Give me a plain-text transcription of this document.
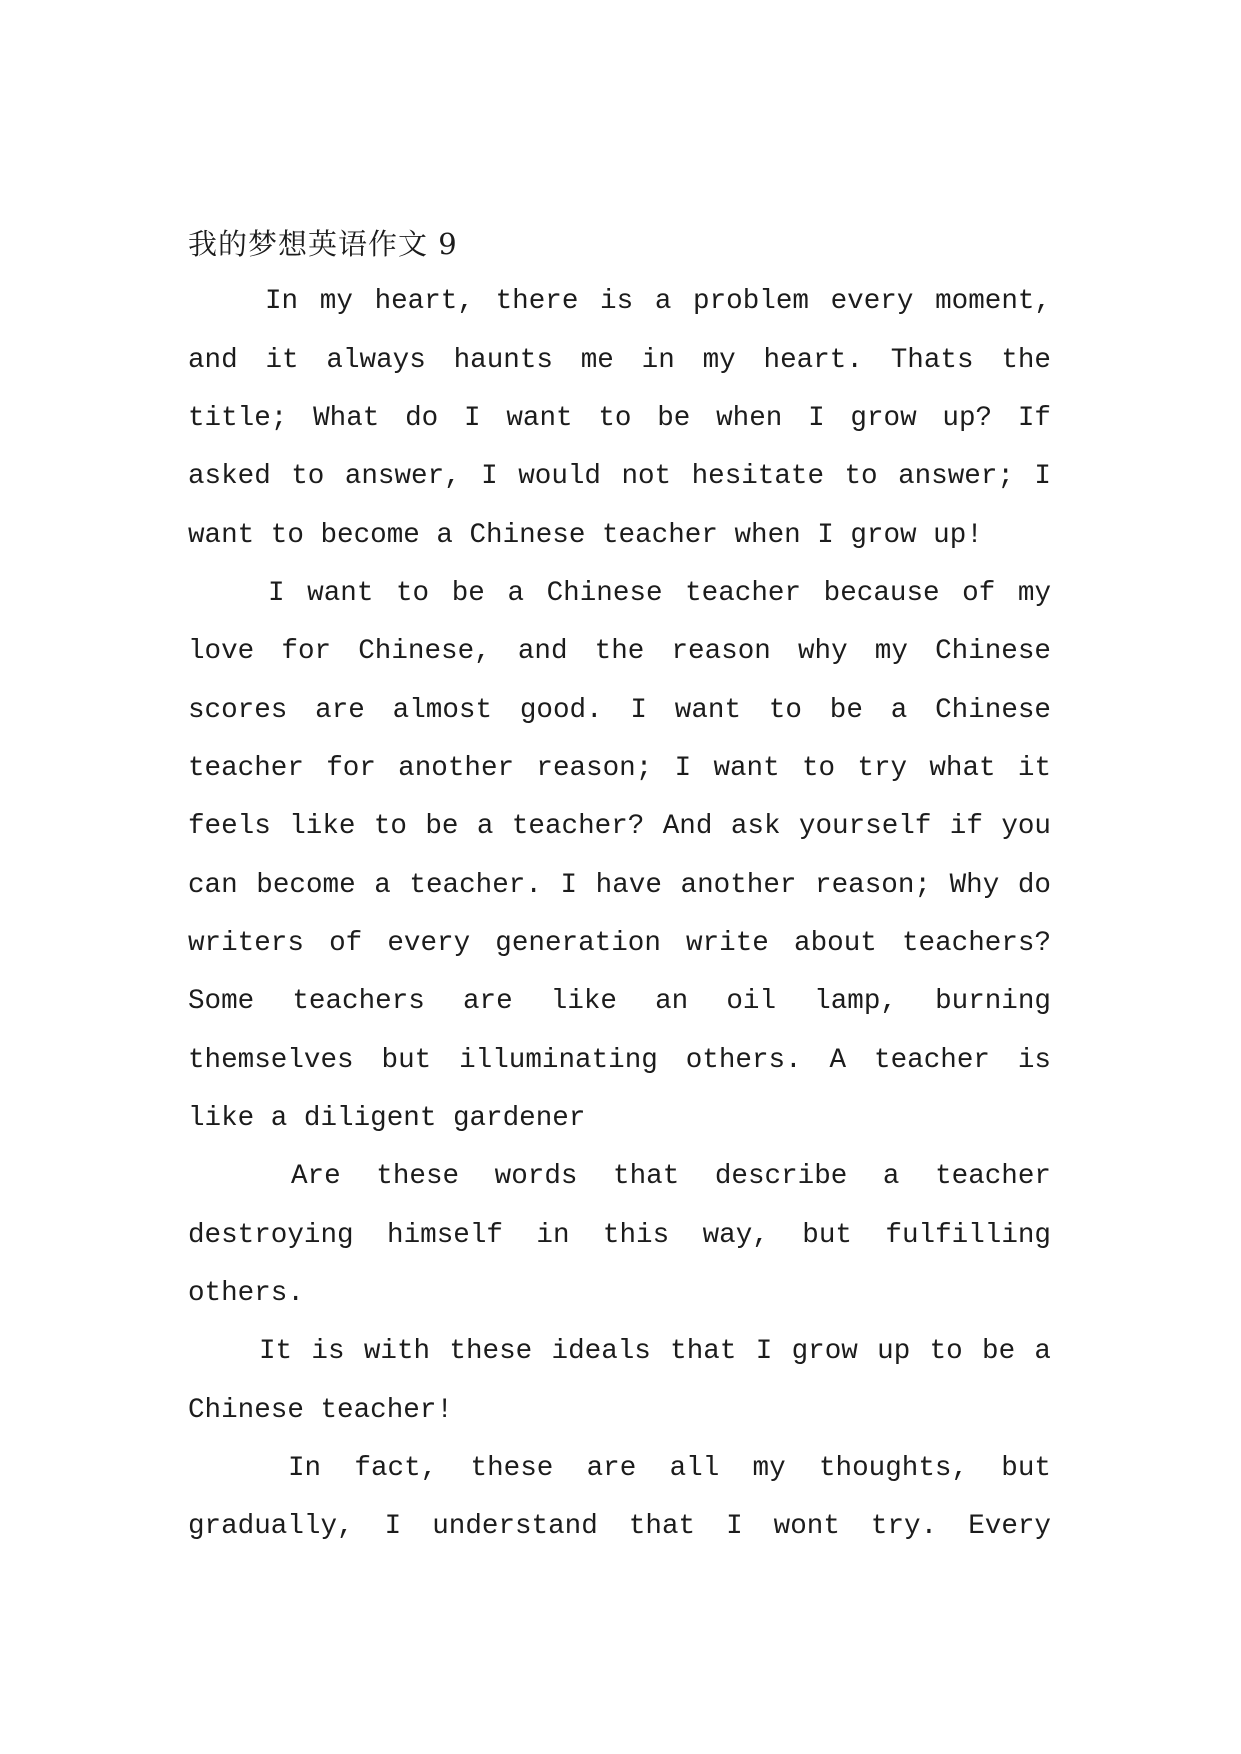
我的梦想英语作文 9
In my heart, there is a problem every moment,
and it always haunts me in my heart. Thats the
title; What do I want to be when I grow up? If
asked to answer, I would not hesitate to answer; I
want to become a Chinese teacher when I grow up!
I want to be a Chinese teacher because of my
love for Chinese, and the reason why my Chinese
scores are almost good. I want to be a Chinese
teacher for another reason; I want to try what it
feels like to be a teacher? And ask yourself if you
can become a teacher. I have another reason; Why do
writers of every generation write about teachers?
Some teachers are like an oil lamp, burning
themselves but illuminating others. A teacher is
like a diligent gardener
Are these words that describe a teacher
destroying himself in this way, but fulfilling
others.
It is with these ideals that I grow up to be a
Chinese teacher!
In fact, these are all my thoughts, but
gradually, I understand that I wont try. Every
